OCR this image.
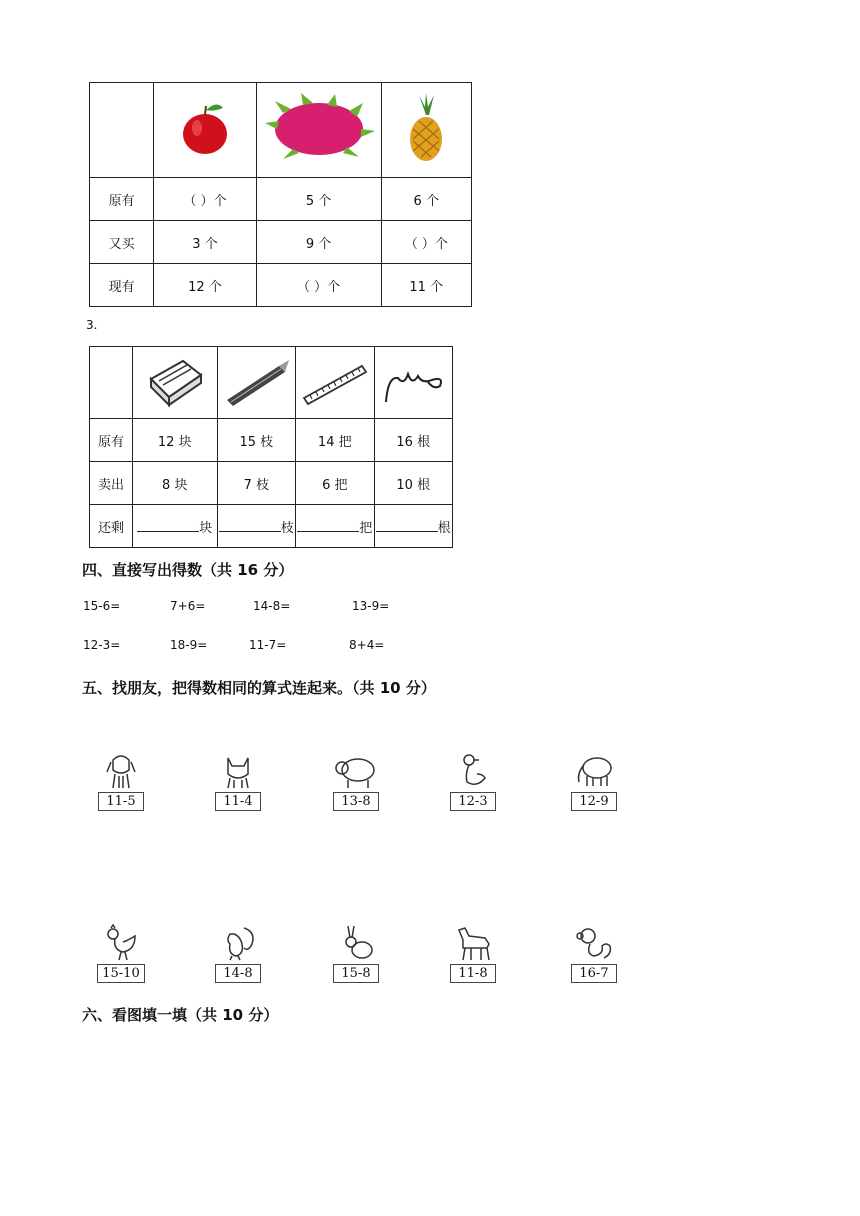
原有	（ ）个	5 个	6 个
又买	3 个	9 个	（ ）个
现有	12 个	（ ）个	11 个
3.

原有	12 块	15 枝	14 把	16 根
卖出	8 块	7 枝	6 把	10 根
还剩	块	枝	把	根
四、直接写出得数（共 16 分）
15-6=	7+6=	14-8=	13-9=
12-3=	18-9=	11-7=	8+4=
五、找朋友，把得数相同的算式连起来。（共 10 分）
11-5	11-4	13-8	12-3	12-9
15-10	14-8	15-8	11-8	16-7
六、看图填一填（共 10 分）
